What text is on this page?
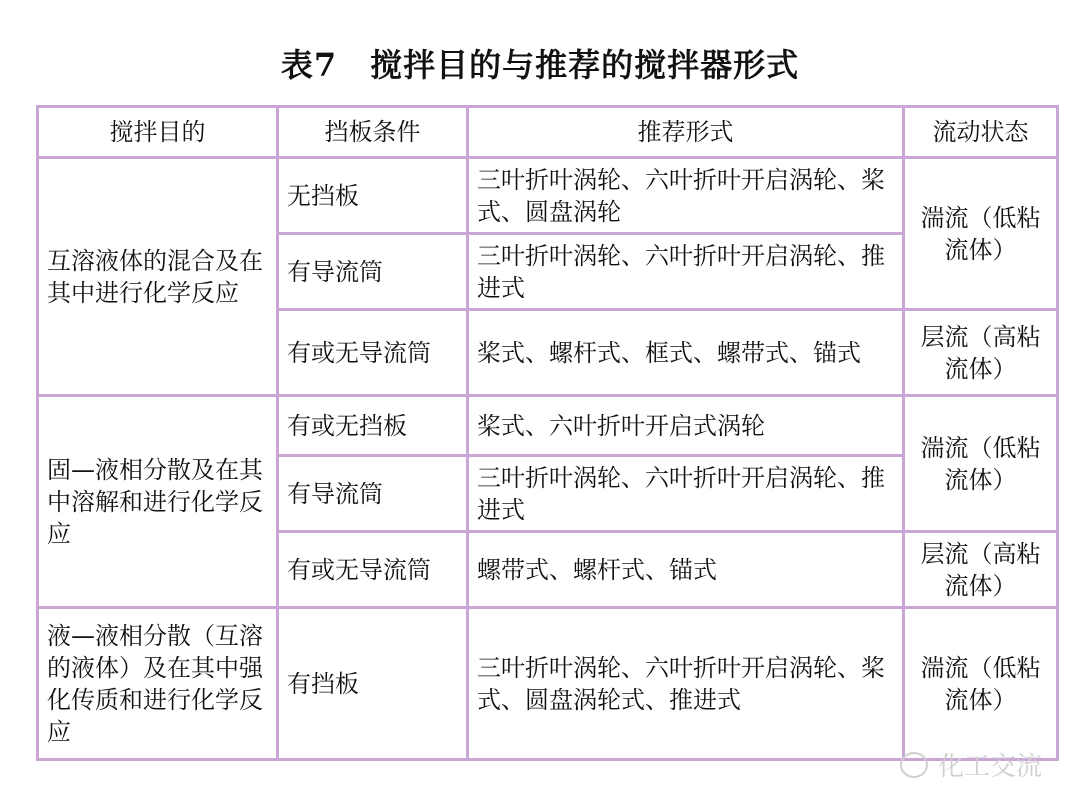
表7　搅拌目的与推荐的搅拌器形式
搅拌目的	挡板条件	推荐形式	流动状态
互溶液体的混合及在其中进行化学反应	无挡板	三叶折叶涡轮、六叶折叶开启涡轮、桨式、圆盘涡轮	湍流（低粘流体）
	有导流筒	三叶折叶涡轮、六叶折叶开启涡轮、推进式	
	有或无导流筒	桨式、螺杆式、框式、螺带式、锚式	层流（高粘流体）
固—液相分散及在其中溶解和进行化学反应	有或无挡板	桨式、六叶折叶开启式涡轮	湍流（低粘流体）
	有导流筒	三叶折叶涡轮、六叶折叶开启涡轮、推进式	
	有或无导流筒	螺带式、螺杆式、锚式	层流（高粘流体）
液—液相分散（互溶的液体）及在其中强化传质和进行化学反应	有挡板	三叶折叶涡轮、六叶折叶开启涡轮、桨式、圆盘涡轮式、推进式	湍流（低粘流体）
化工交流
